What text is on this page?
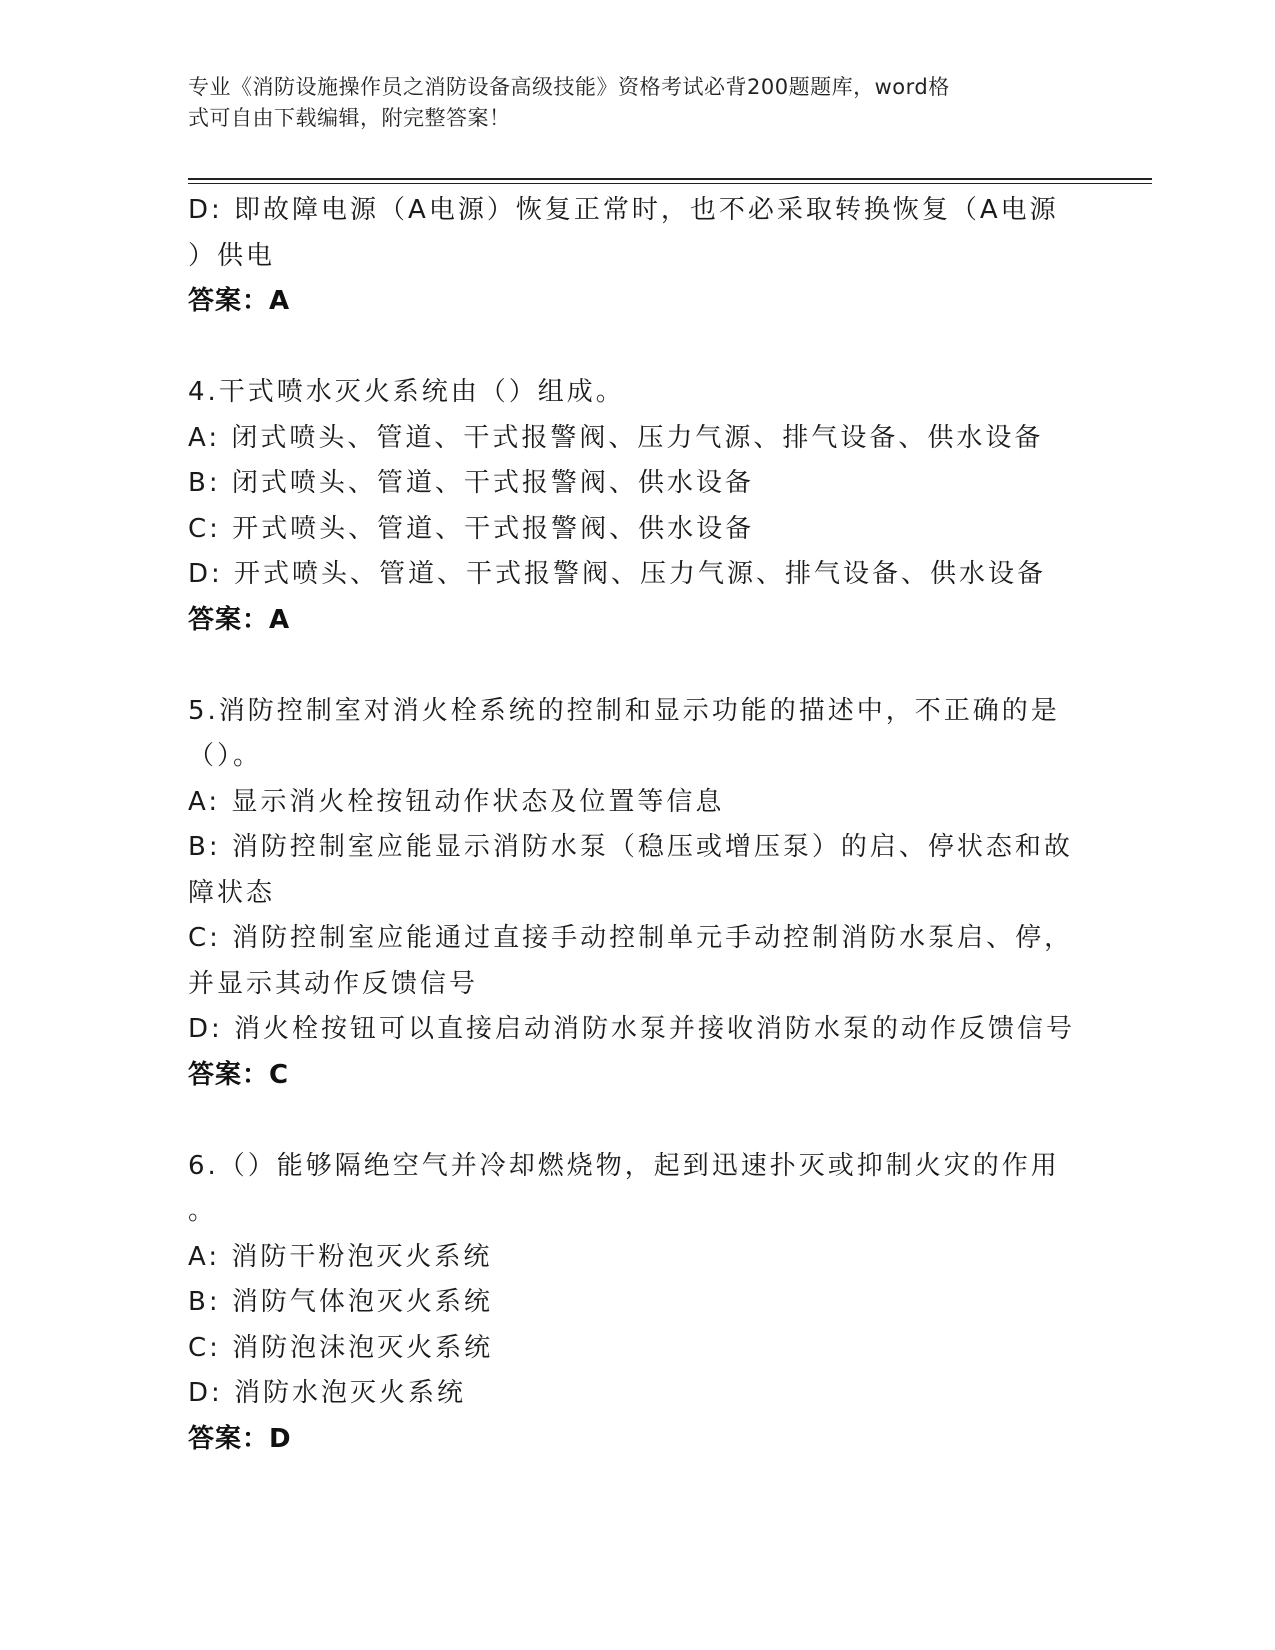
专业《消防设施操作员之消防设备高级技能》资格考试必背200题题库，word格
式可自由下载编辑，附完整答案！
D: 即故障电源（A电源）恢复正常时，也不必采取转换恢复（A电源
）供电
答案：A
4.干式喷水灭火系统由（）组成。
A: 闭式喷头、管道、干式报警阀、压力气源、排气设备、供水设备
B: 闭式喷头、管道、干式报警阀、供水设备
C: 开式喷头、管道、干式报警阀、供水设备
D: 开式喷头、管道、干式报警阀、压力气源、排气设备、供水设备
答案：A
5.消防控制室对消火栓系统的控制和显示功能的描述中，不正确的是
（）。
A: 显示消火栓按钮动作状态及位置等信息
B: 消防控制室应能显示消防水泵（稳压或增压泵）的启、停状态和故
障状态
C: 消防控制室应能通过直接手动控制单元手动控制消防水泵启、停，
并显示其动作反馈信号
D: 消火栓按钮可以直接启动消防水泵并接收消防水泵的动作反馈信号
答案：C
6.（）能够隔绝空气并冷却燃烧物，起到迅速扑灭或抑制火灾的作用
。
A: 消防干粉泡灭火系统
B: 消防气体泡灭火系统
C: 消防泡沫泡灭火系统
D: 消防水泡灭火系统
答案：D
